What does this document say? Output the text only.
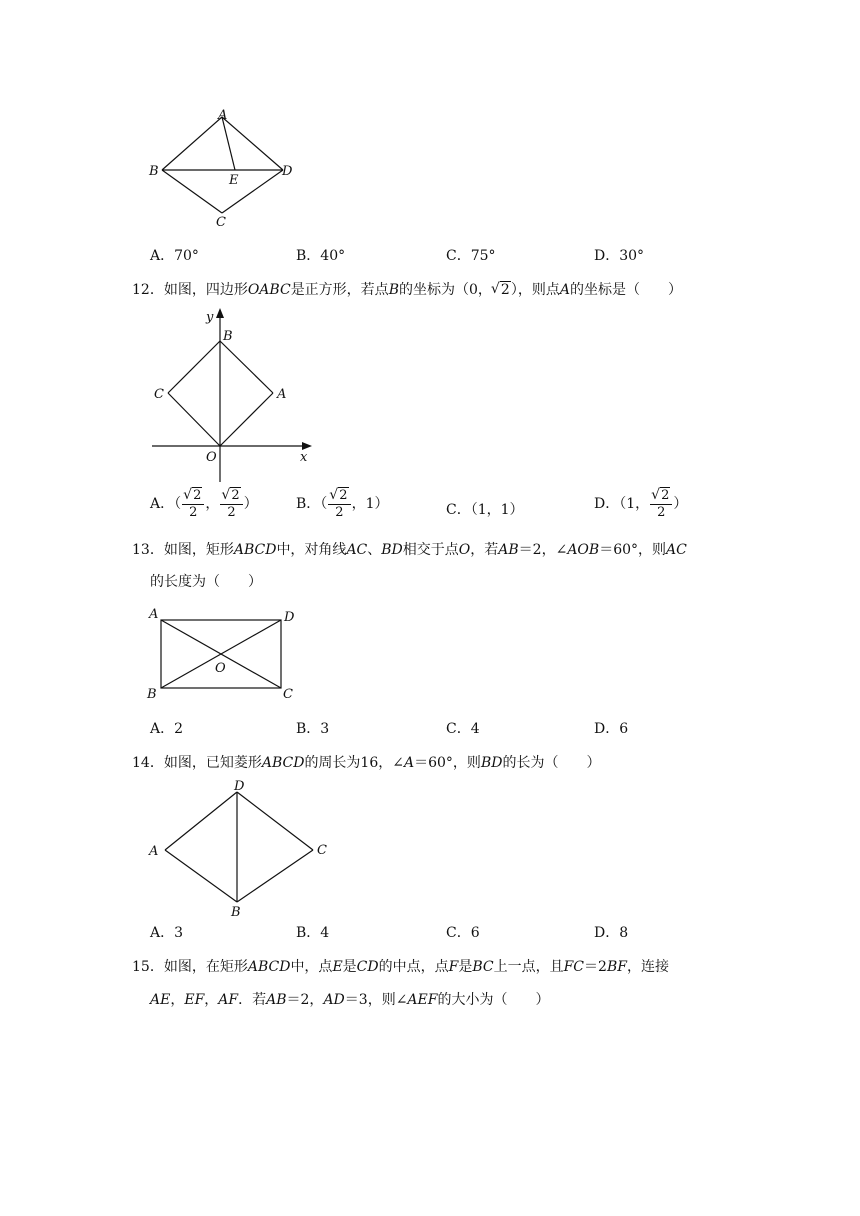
A
B
E
D
C
A．70°	B．40°	C．75°	D．30°
12．如图，四边形OABC是正方形，若点B的坐标为（0， √ 2），则点A的坐标是（　　）
y
B
C	A
O	x
A．（ √ $\frac{2}{2}$ ， √ $\frac{2}{2}$ ）	B．（ √ $\frac{2}{2}$ ，1）	C．（1，1）	D．（1， √ $\frac{2}{2}$ ）
13．如图，矩形ABCD中，对角线AC、BD相交于点O，若AB＝2，∠AOB＝60°，则AC
的长度为（　　）
A	D
O
B	C
A．2	B．3	C．4	D．6
14．如图，已知菱形ABCD的周长为16，∠A＝60°，则BD的长为（　　）
D
A	C
B
A．3	B．4	C．6	D．8
15．如图，在矩形ABCD中，点E是CD的中点，点F是BC上一点，且FC＝2BF，连接
AE，EF，AF．若AB＝2，AD＝3，则∠AEF的大小为（　　）
